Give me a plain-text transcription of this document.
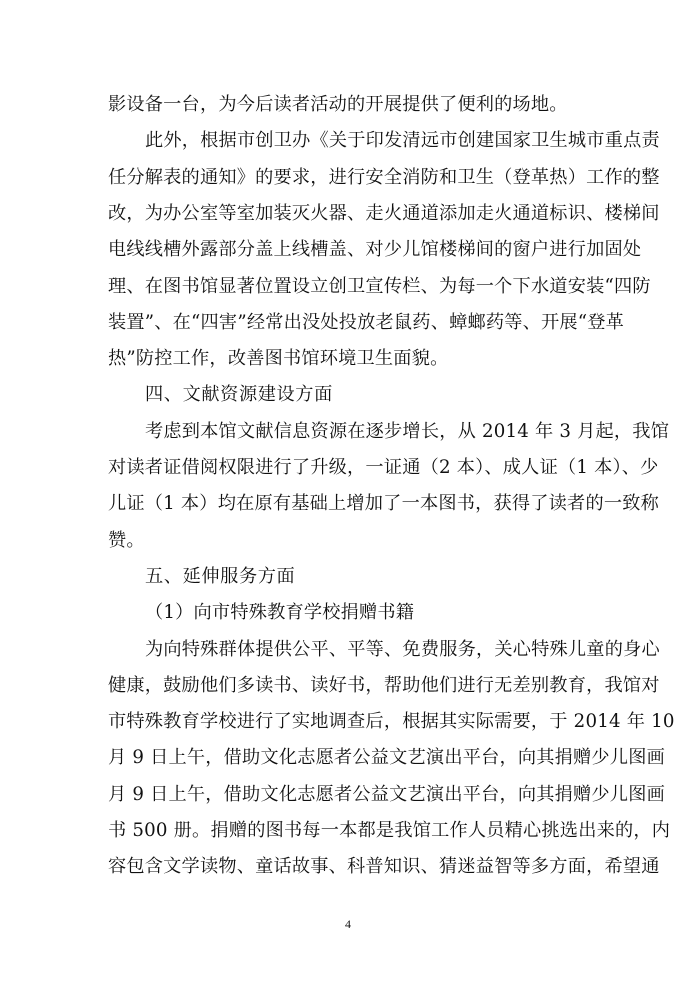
影设备一台，为今后读者活动的开展提供了便利的场地。
此外，根据市创卫办《关于印发清远市创建国家卫生城市重点责
任分解表的通知》的要求，进行安全消防和卫生（登革热）工作的整
改，为办公室等室加装灭火器、走火通道添加走火通道标识、楼梯间
电线线槽外露部分盖上线槽盖、对少儿馆楼梯间的窗户进行加固处
理、在图书馆显著位置设立创卫宣传栏、为每一个下水道安装“四防
装置”、在“四害”经常出没处投放老鼠药、蟑螂药等、开展“登革
热”防控工作，改善图书馆环境卫生面貌。
四、文献资源建设方面
考虑到本馆文献信息资源在逐步增长，从 2014 年 3 月起，我馆
对读者证借阅权限进行了升级，一证通（2 本）、成人证（1 本）、少
儿证（1 本）均在原有基础上增加了一本图书，获得了读者的一致称
赞。
五、延伸服务方面
（1）向市特殊教育学校捐赠书籍
为向特殊群体提供公平、平等、免费服务，关心特殊儿童的身心
健康，鼓励他们多读书、读好书，帮助他们进行无差别教育，我馆对
市特殊教育学校进行了实地调查后，根据其实际需要，于 2014 年 10
月 9 日上午，借助文化志愿者公益文艺演出平台，向其捐赠少儿图画
4
月 9 日上午，借助文化志愿者公益文艺演出平台，向其捐赠少儿图画
书 500 册。捐赠的图书每一本都是我馆工作人员精心挑选出来的，内
容包含文学读物、童话故事、科普知识、猜迷益智等多方面，希望通
